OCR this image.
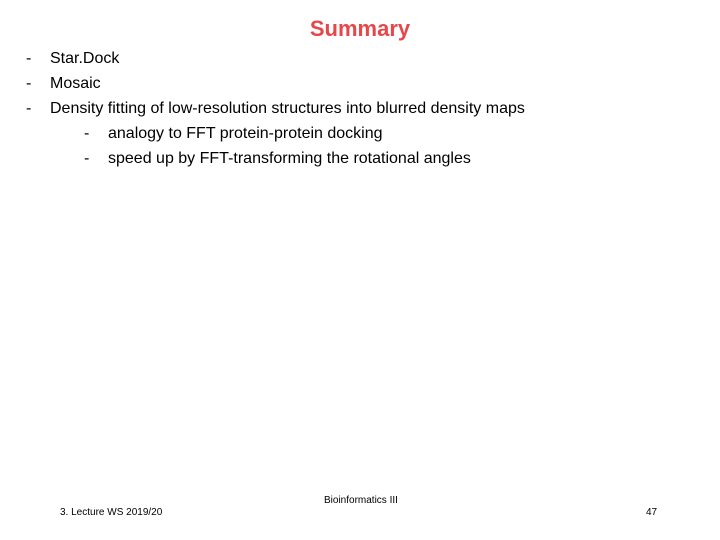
Summary
-	Star.Dock
-	Mosaic
-	Density fitting of low-resolution structures into blurred density maps
-	analogy to FFT protein-protein docking
-	speed up by FFT-transforming the rotational angles
3. Lecture WS 2019/20
Bioinformatics III
47
